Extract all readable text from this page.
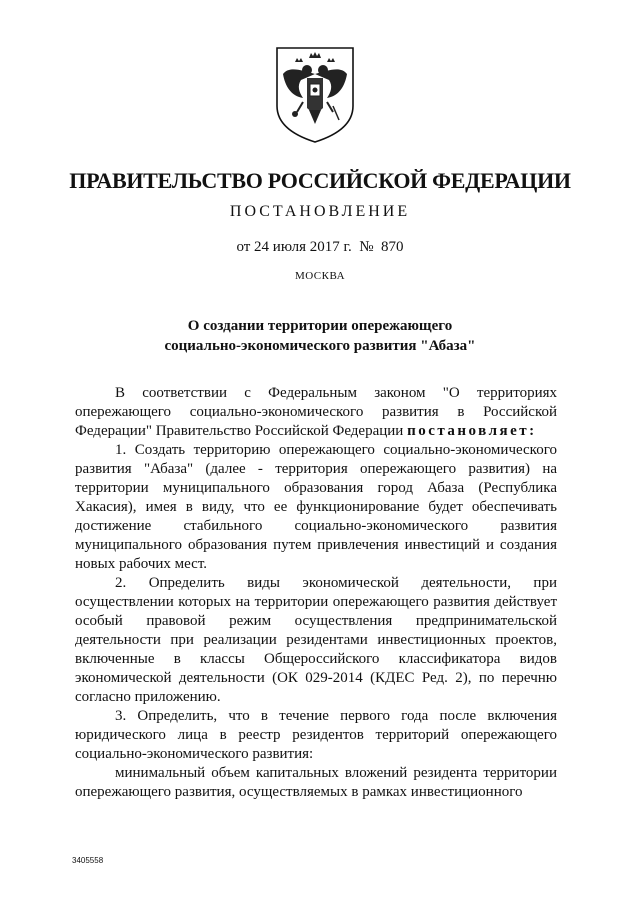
ПРАВИТЕЛЬСТВО РОССИЙСКОЙ ФЕДЕРАЦИИ
ПОСТАНОВЛЕНИЕ
от 24 июля 2017 г.  №  870
МОСКВА
О создании территории опережающего
социально-экономического развития "Абаза"

В соответствии с Федеральным законом "О территориях опережающего социально-экономического развития в Российской Федерации" Правительство Российской Федерации постановляет:

1. Создать территорию опережающего социально-экономического развития "Абаза" (далее - территория опережающего развития) на территории муниципального образования город Абаза (Республика Хакасия), имея в виду, что ее функционирование будет обеспечивать достижение стабильного социально-экономического развития муниципального образования путем привлечения инвестиций и создания новых рабочих мест.

2. Определить виды экономической деятельности, при осуществлении которых на территории опережающего развития действует особый правовой режим осуществления предпринимательской деятельности при реализации резидентами инвестиционных проектов, включенные в классы Общероссийского классификатора видов экономической деятельности (ОК 029-2014 (КДЕС Ред. 2), по перечню согласно приложению.

3. Определить, что в течение первого года после включения юридического лица в реестр резидентов территорий опережающего социально-экономического развития:

минимальный объем капитальных вложений резидента территории опережающего развития, осуществляемых в рамках инвестиционного

3405558
